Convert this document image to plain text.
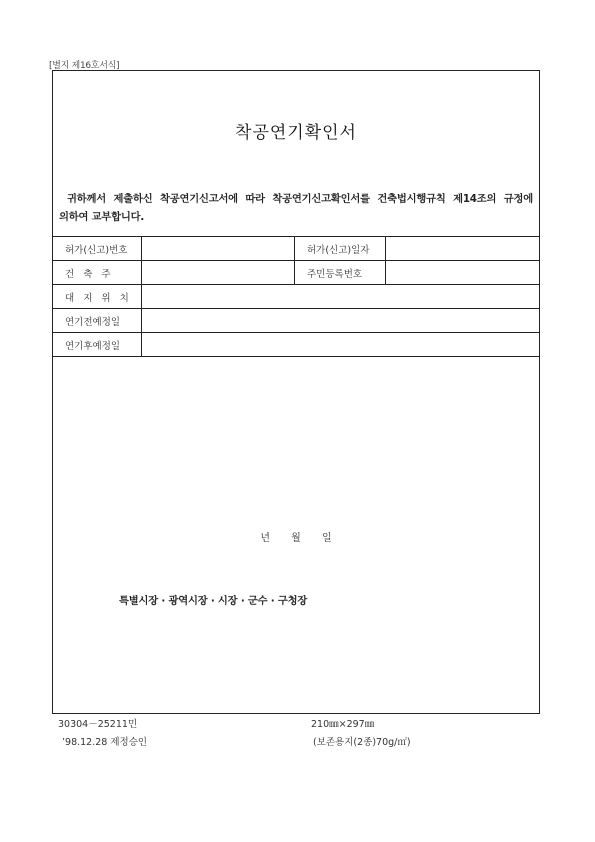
[별지 제16호서식]
착공연기확인서
귀하께서 제출하신 착공연기신고서에 따라 착공연기신고확인서를 건축법시행규칙 제14조의 규정에 의하여 교부합니다.
허가(신고)번호		허가(신고)일자	
건 축 주		주민등록번호	
대 지 위 치			
연기전예정일			
연기후예정일			
년 월 일
특별시장 · 광역시장 · 시장 · 군수 · 구청장
30304－25211민
’98.12.28 제정승인
210㎜×297㎜
(보존용지(2종)70g/㎡)
